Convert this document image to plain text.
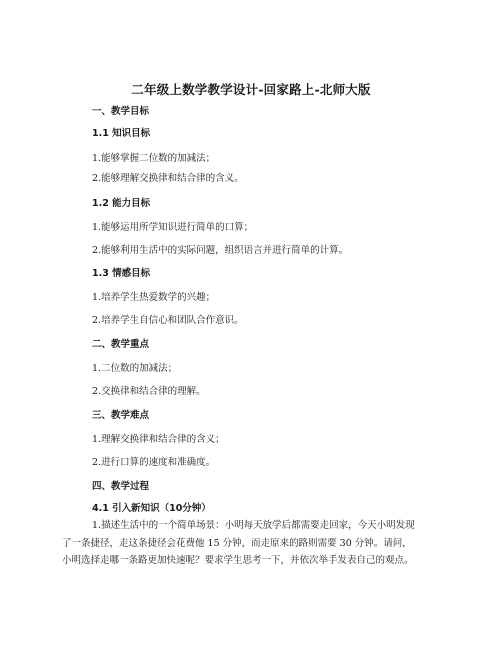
二年级上数学教学设计-回家路上-北师大版
一、教学目标
1.1 知识目标
1.能够掌握二位数的加减法；
2.能够理解交换律和结合律的含义。
1.2 能力目标
1.能够运用所学知识进行简单的口算；
2.能够利用生活中的实际问题，组织语言并进行简单的计算。
1.3 情感目标
1.培养学生热爱数学的兴趣；
2.培养学生自信心和团队合作意识。
二、教学重点
1.二位数的加减法；
2.交换律和结合律的理解。
三、教学难点
1.理解交换律和结合律的含义；
2.进行口算的速度和准确度。
四、教学过程
4.1 引入新知识（10分钟）
1.描述生活中的一个简单场景：小明每天放学后都需要走回家，今天小明发现
了一条捷径，走这条捷径会花费他 15 分钟，而走原来的路则需要 30 分钟。请问，
小明选择走哪一条路更加快速呢？要求学生思考一下，并依次举手发表自己的观点。
